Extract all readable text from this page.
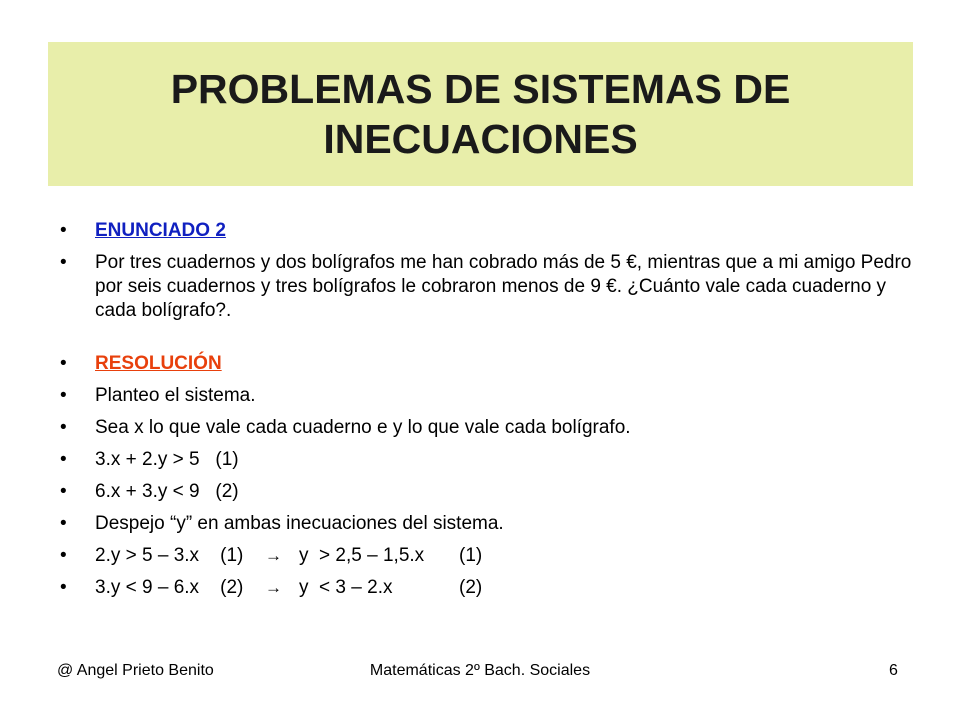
PROBLEMAS DE SISTEMAS DE
INECUACIONES
•	ENUNCIADO 2
•	Por tres cuadernos y dos bolígrafos me han cobrado más de 5 €, mientras que a mi amigo Pedro por seis cuadernos y tres bolígrafos le cobraron menos de 9 €. ¿Cuánto vale cada cuaderno y cada bolígrafo?.
•	RESOLUCIÓN
•	Planteo el sistema.
•	Sea x lo que vale cada cuaderno e y lo que vale cada bolígrafo.
•	3.x + 2.y > 5   (1)
•	6.x + 3.y < 9   (2)
•	Despejo “y” en ambas inecuaciones del sistema.
•	2.y > 5 – 3.x    (1)	→ y  > 2,5 – 1,5.x	(1)
•	3.y < 9 – 6.x    (2)	→ y  < 3 – 2.x	(2)
@ Angel Prieto Benito	Matemáticas 2º Bach. Sociales	6
